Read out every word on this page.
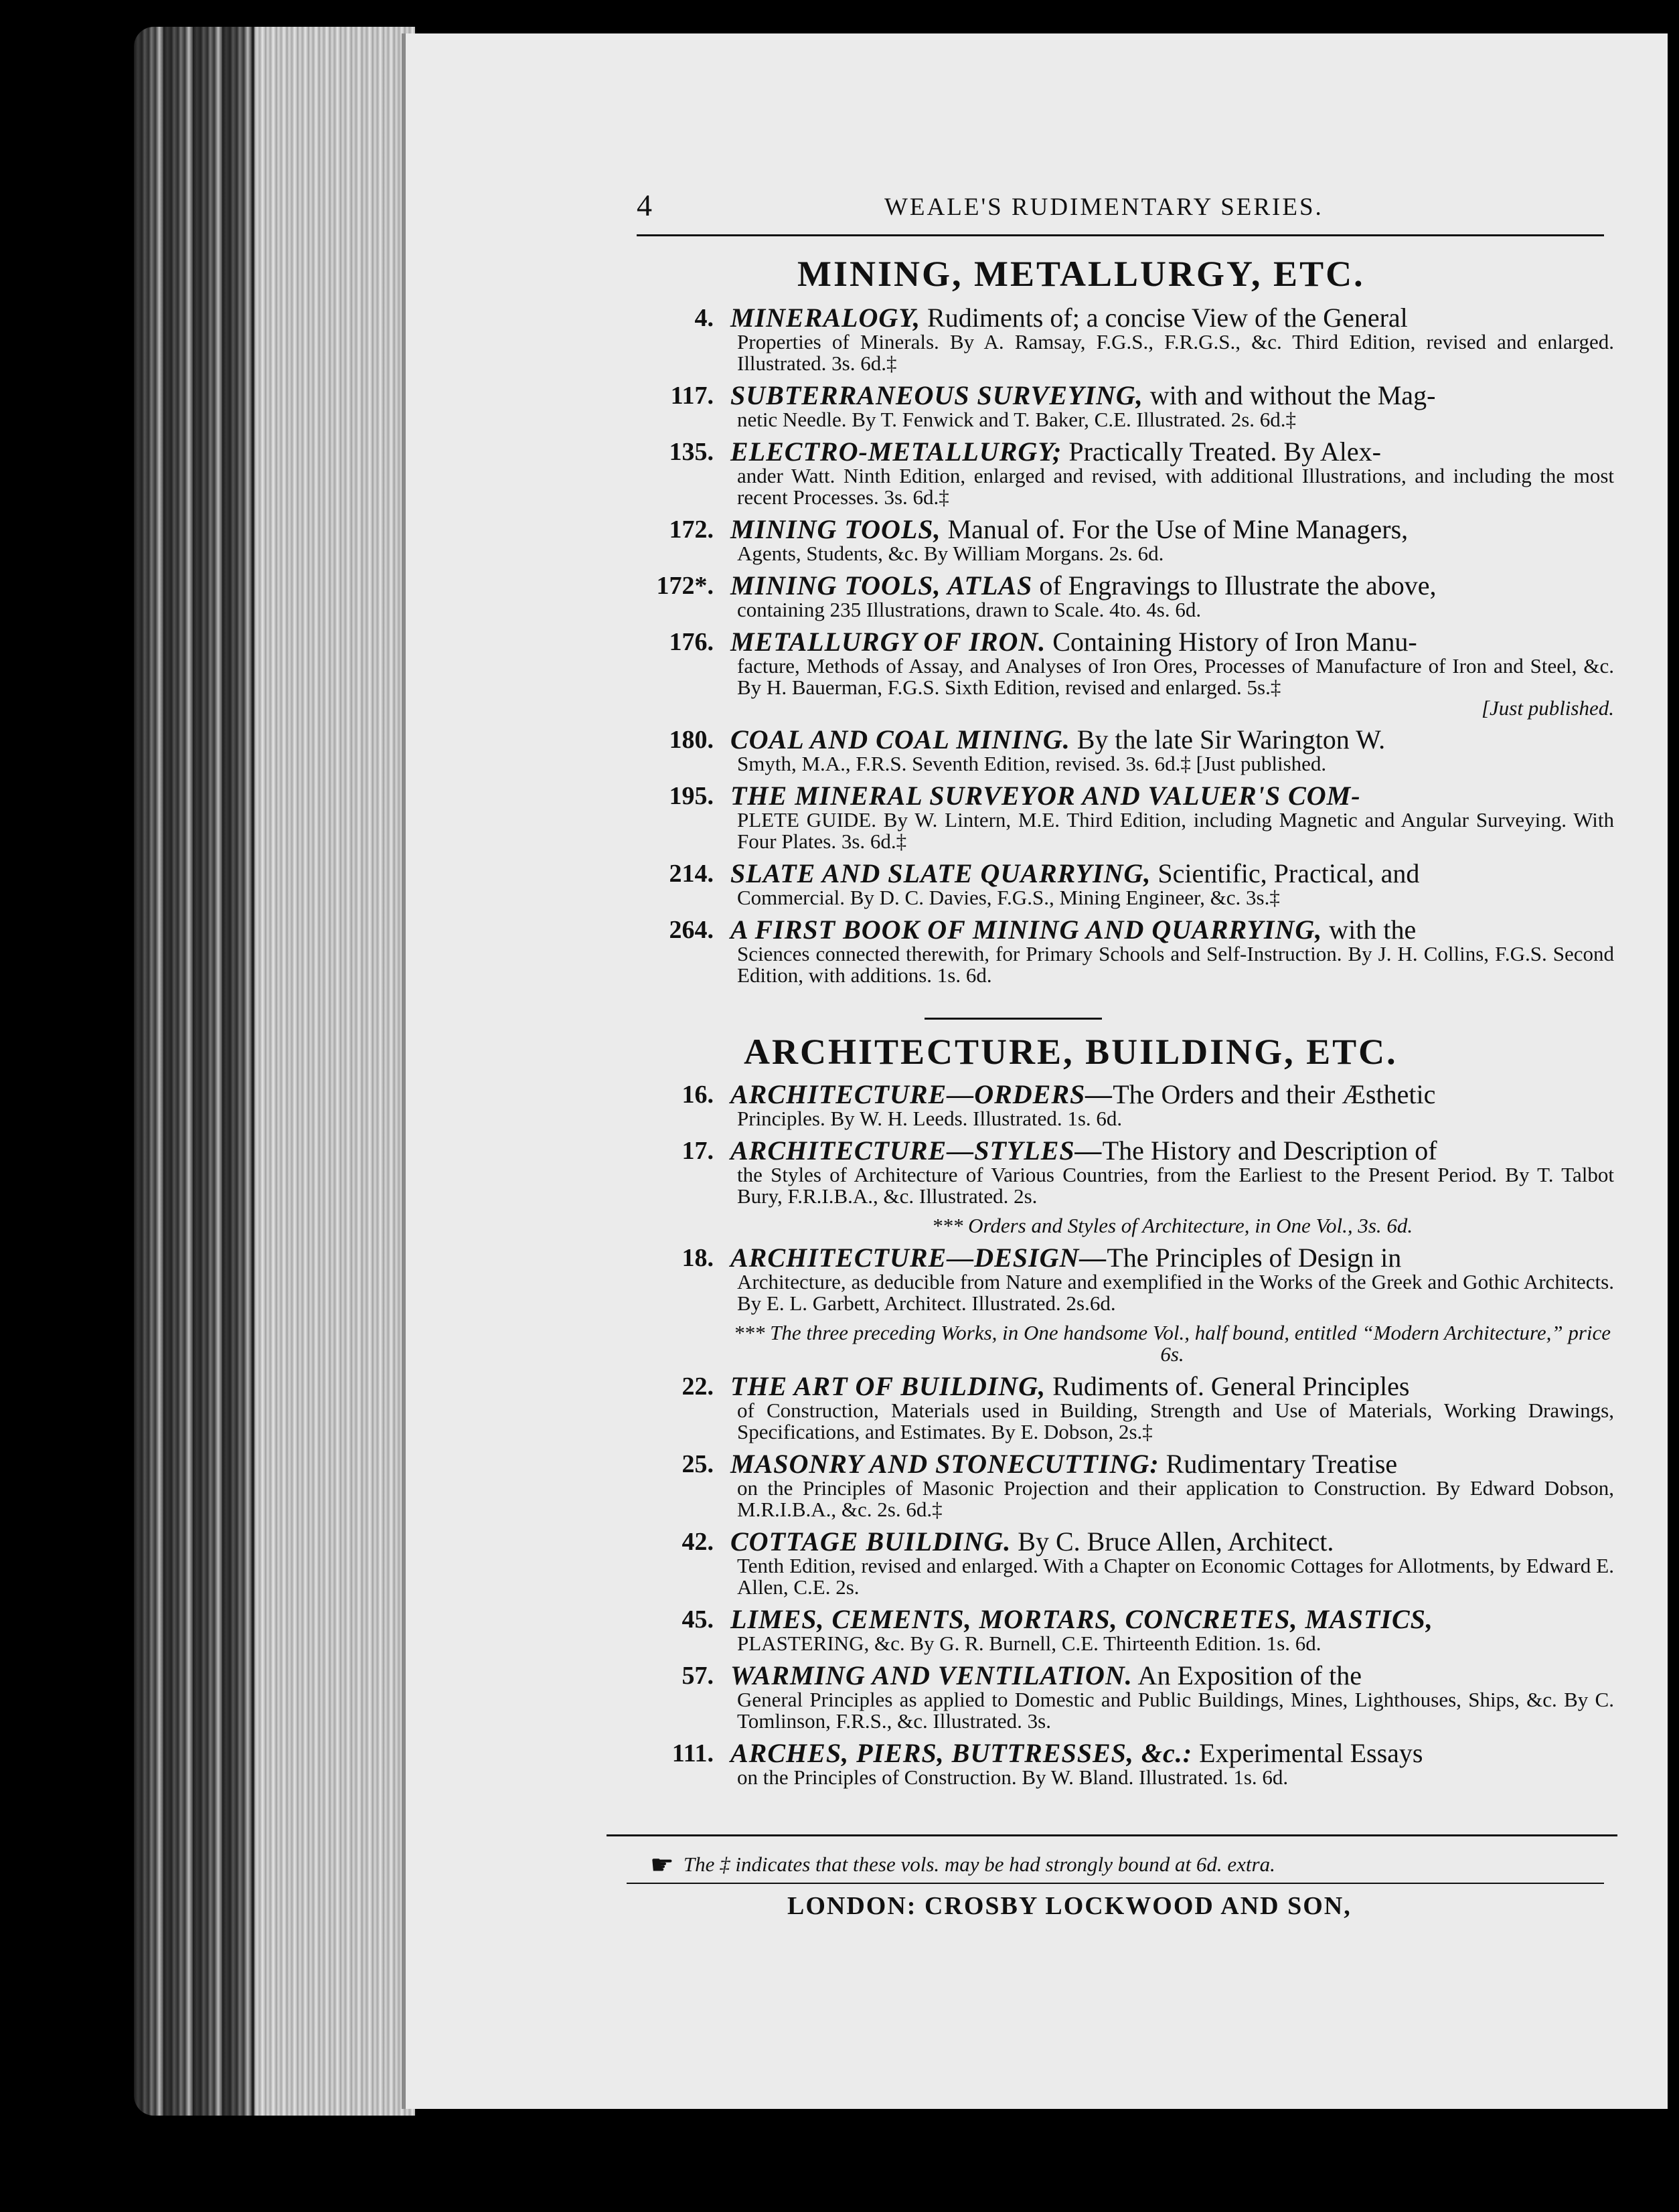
4	WEALE'S RUDIMENTARY SERIES.
MINING, METALLURGY, ETC.
4. MINERALOGY, Rudiments of; a concise View of the General
Properties of Minerals. By A. Ramsay, F.G.S., F.R.G.S., &c. Third Edition, revised and enlarged. Illustrated. 3s. 6d.‡
117. SUBTERRANEOUS SURVEYING, with and without the Mag-
netic Needle. By T. Fenwick and T. Baker, C.E. Illustrated. 2s. 6d.‡
135. ELECTRO-METALLURGY; Practically Treated. By Alex-
ander Watt. Ninth Edition, enlarged and revised, with additional Illustrations, and including the most recent Processes. 3s. 6d.‡
172. MINING TOOLS, Manual of. For the Use of Mine Managers,
Agents, Students, &c. By William Morgans. 2s. 6d.
172*. MINING TOOLS, ATLAS of Engravings to Illustrate the above,
containing 235 Illustrations, drawn to Scale. 4to. 4s. 6d.
176. METALLURGY OF IRON. Containing History of Iron Manu-
facture, Methods of Assay, and Analyses of Iron Ores, Processes of Manufacture of Iron and Steel, &c. By H. Bauerman, F.G.S. Sixth Edition, revised and enlarged. 5s.‡
[Just published.
180. COAL AND COAL MINING. By the late Sir Warington W.
Smyth, M.A., F.R.S. Seventh Edition, revised. 3s. 6d.‡ [Just published.
195. THE MINERAL SURVEYOR AND VALUER'S COM-
PLETE GUIDE. By W. Lintern, M.E. Third Edition, including Magnetic and Angular Surveying. With Four Plates. 3s. 6d.‡
214. SLATE AND SLATE QUARRYING, Scientific, Practical, and
Commercial. By D. C. Davies, F.G.S., Mining Engineer, &c. 3s.‡
264. A FIRST BOOK OF MINING AND QUARRYING, with the
Sciences connected therewith, for Primary Schools and Self-Instruction. By J. H. Collins, F.G.S. Second Edition, with additions. 1s. 6d.
ARCHITECTURE, BUILDING, ETC.
16. ARCHITECTURE—ORDERS—The Orders and their Æsthetic
Principles. By W. H. Leeds. Illustrated. 1s. 6d.
17. ARCHITECTURE—STYLES—The History and Description of
the Styles of Architecture of Various Countries, from the Earliest to the Present Period. By T. Talbot Bury, F.R.I.B.A., &c. Illustrated. 2s.
*** Orders and Styles of Architecture, in One Vol., 3s. 6d.
18. ARCHITECTURE—DESIGN—The Principles of Design in
Architecture, as deducible from Nature and exemplified in the Works of the Greek and Gothic Architects. By E. L. Garbett, Architect. Illustrated. 2s.6d.
*** The three preceding Works, in One handsome Vol., half bound, entitled “Modern Architecture,” price 6s.
22. THE ART OF BUILDING, Rudiments of. General Principles
of Construction, Materials used in Building, Strength and Use of Materials, Working Drawings, Specifications, and Estimates. By E. Dobson, 2s.‡
25. MASONRY AND STONECUTTING: Rudimentary Treatise
on the Principles of Masonic Projection and their application to Construction. By Edward Dobson, M.R.I.B.A., &c. 2s. 6d.‡
42. COTTAGE BUILDING. By C. Bruce Allen, Architect.
Tenth Edition, revised and enlarged. With a Chapter on Economic Cottages for Allotments, by Edward E. Allen, C.E. 2s.
45. LIMES, CEMENTS, MORTARS, CONCRETES, MASTICS,
PLASTERING, &c. By G. R. Burnell, C.E. Thirteenth Edition. 1s. 6d.
57. WARMING AND VENTILATION. An Exposition of the
General Principles as applied to Domestic and Public Buildings, Mines, Lighthouses, Ships, &c. By C. Tomlinson, F.R.S., &c. Illustrated. 3s.
111. ARCHES, PIERS, BUTTRESSES, &c.: Experimental Essays
on the Principles of Construction. By W. Bland. Illustrated. 1s. 6d.
☛ The ‡ indicates that these vols. may be had strongly bound at 6d. extra.
LONDON: CROSBY LOCKWOOD AND SON,
